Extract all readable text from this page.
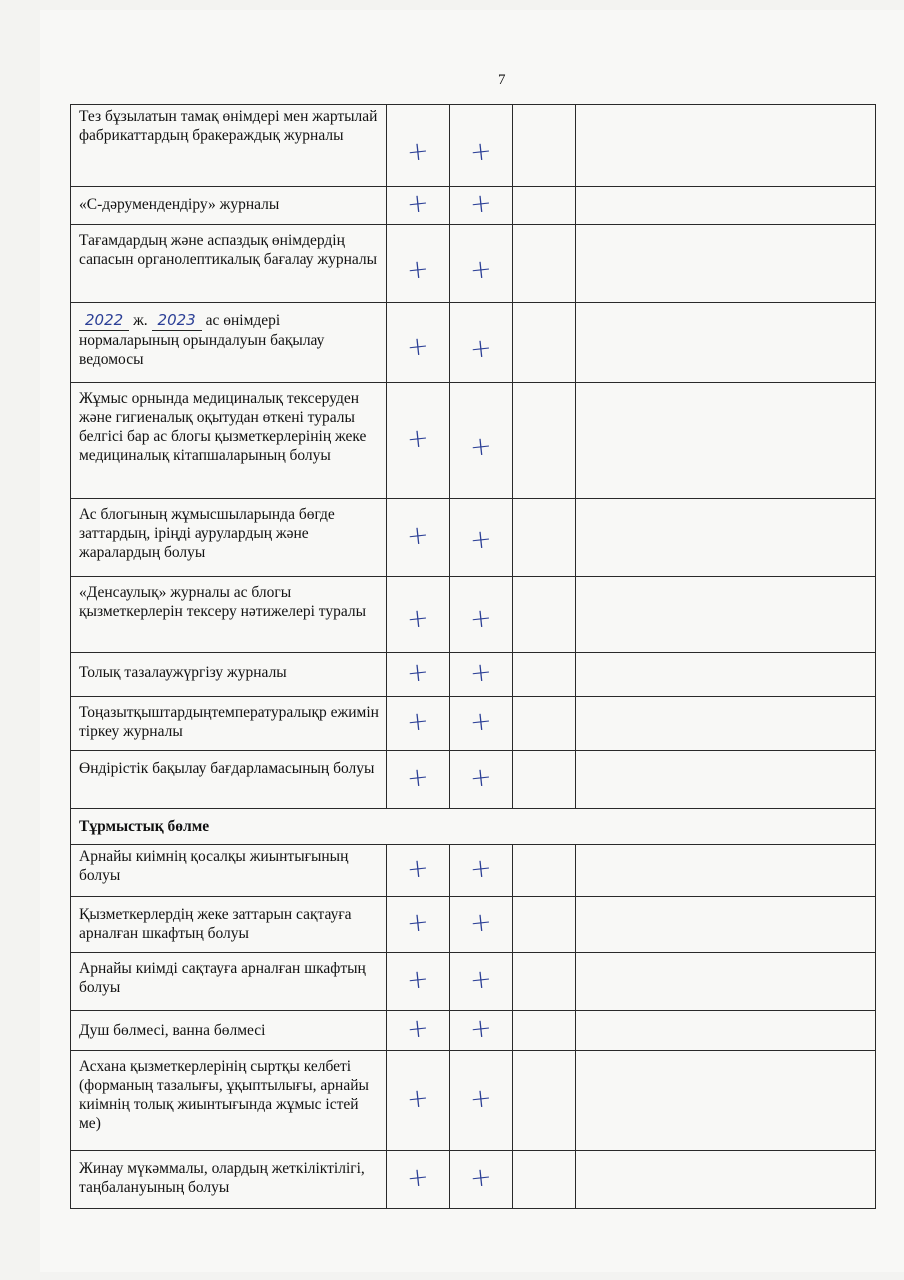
7
Тез бұзылатын тамақ өнімдері мен жартылай фабрикаттардың бракераждық журналы	+	+		
«С-дәрумендендіру» журналы	+	+		
Тағамдардың және аспаздық өнімдердің сапасын органолептикалық бағалау журналы	+	+		
2022 ж. 2023 ас өнімдері нормаларының орындалуын бақылау ведомосы	+	+		
Жұмыс орнында медициналық тексеруден және гигиеналық оқытудан өткені туралы белгісі бар ас блогы қызметкерлерінің жеке медициналық кітапшаларының болуы	+	+		
Ас блогының жұмысшыларында бөгде заттардың, іріңді аурулардың және жаралардың болуы	+	+		
«Денсаулық» журналы ас блогы қызметкерлерін тексеру нәтижелері туралы	+	+		
Толық тазалаужүргізу журналы	+	+		
Тоңазытқыштардыңтемпературалықр ежимін тіркеу журналы	+	+		
Өндірістік бақылау бағдарламасының болуы	+	+		
Тұрмыстық бөлме				
Арнайы киімнің қосалқы жиынтығының болуы	+	+		
Қызметкерлердің жеке заттарын сақтауға арналған шкафтың болуы	+	+		
Арнайы киімді сақтауға арналған шкафтың болуы	+	+		
Душ бөлмесі, ванна бөлмесі	+	+		
Асхана қызметкерлерінің сыртқы келбеті (форманың тазалығы, ұқыптылығы, арнайы киімнің толық жиынтығында жұмыс істей ме)	+	+		
Жинау мүкәммалы, олардың жеткіліктілігі, таңбалануының болуы	+	+		
